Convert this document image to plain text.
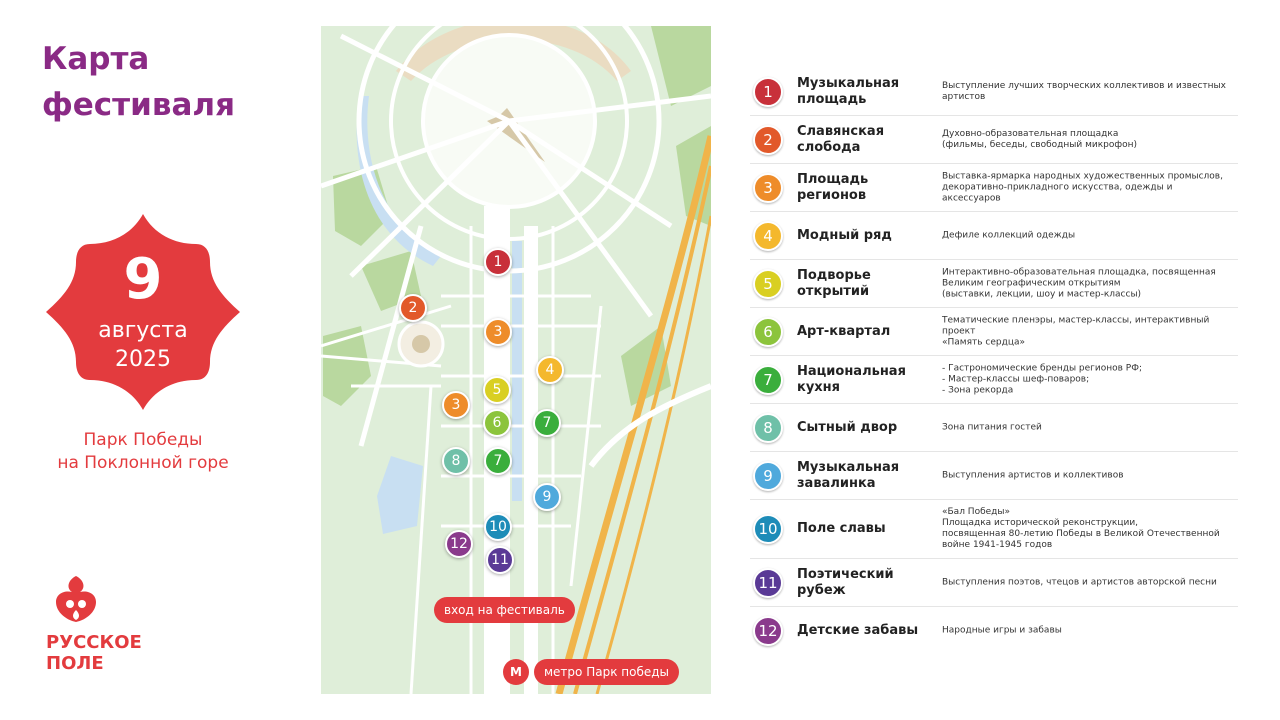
Карта
фестиваля
9
августа
2025
Парк Победы
на Поклонной горе
РУССКОЕ
ПОЛЕ
1
2
3
4
5
3
6	7
8	7
9
10
12
11
вход на фестиваль
М	метро Парк победы
1	Музыкальная площадь
Выступление лучших творческих коллективов и известных
артистов
2	Славянская слобода
Духовно-образовательная площадка
(фильмы, беседы, свободный микрофон)
3	Площадь регионов
Выставка-ярмарка народных художественных промыслов,
декоративно-прикладного искусства, одежды и аксессуаров
4	Модный ряд	Дефиле коллекций одежды
5	Подворье открытий
Интерактивно-образовательная площадка, посвященная
Великим географическим открытиям
(выставки, лекции, шоу и мастер-классы)
6	Арт-квартал
Тематические пленэры, мастер-классы, интерактивный проект
«Память сердца»
7	Национальная кухня
- Гастрономические бренды регионов РФ;
- Мастер-классы шеф-поваров;
- Зона рекорда
8	Сытный двор	Зона питания гостей
9	Музыкальная завалинка
Выступления артистов и коллективов
10	Поле славы
«Бал Победы»
Площадка исторической реконструкции,
посвященная 80-летию Победы в Великой Отечественной
войне 1941-1945 годов
11	Поэтический рубеж
Выступления поэтов, чтецов и артистов авторской песни
12	Детские забавы	Народные игры и забавы
